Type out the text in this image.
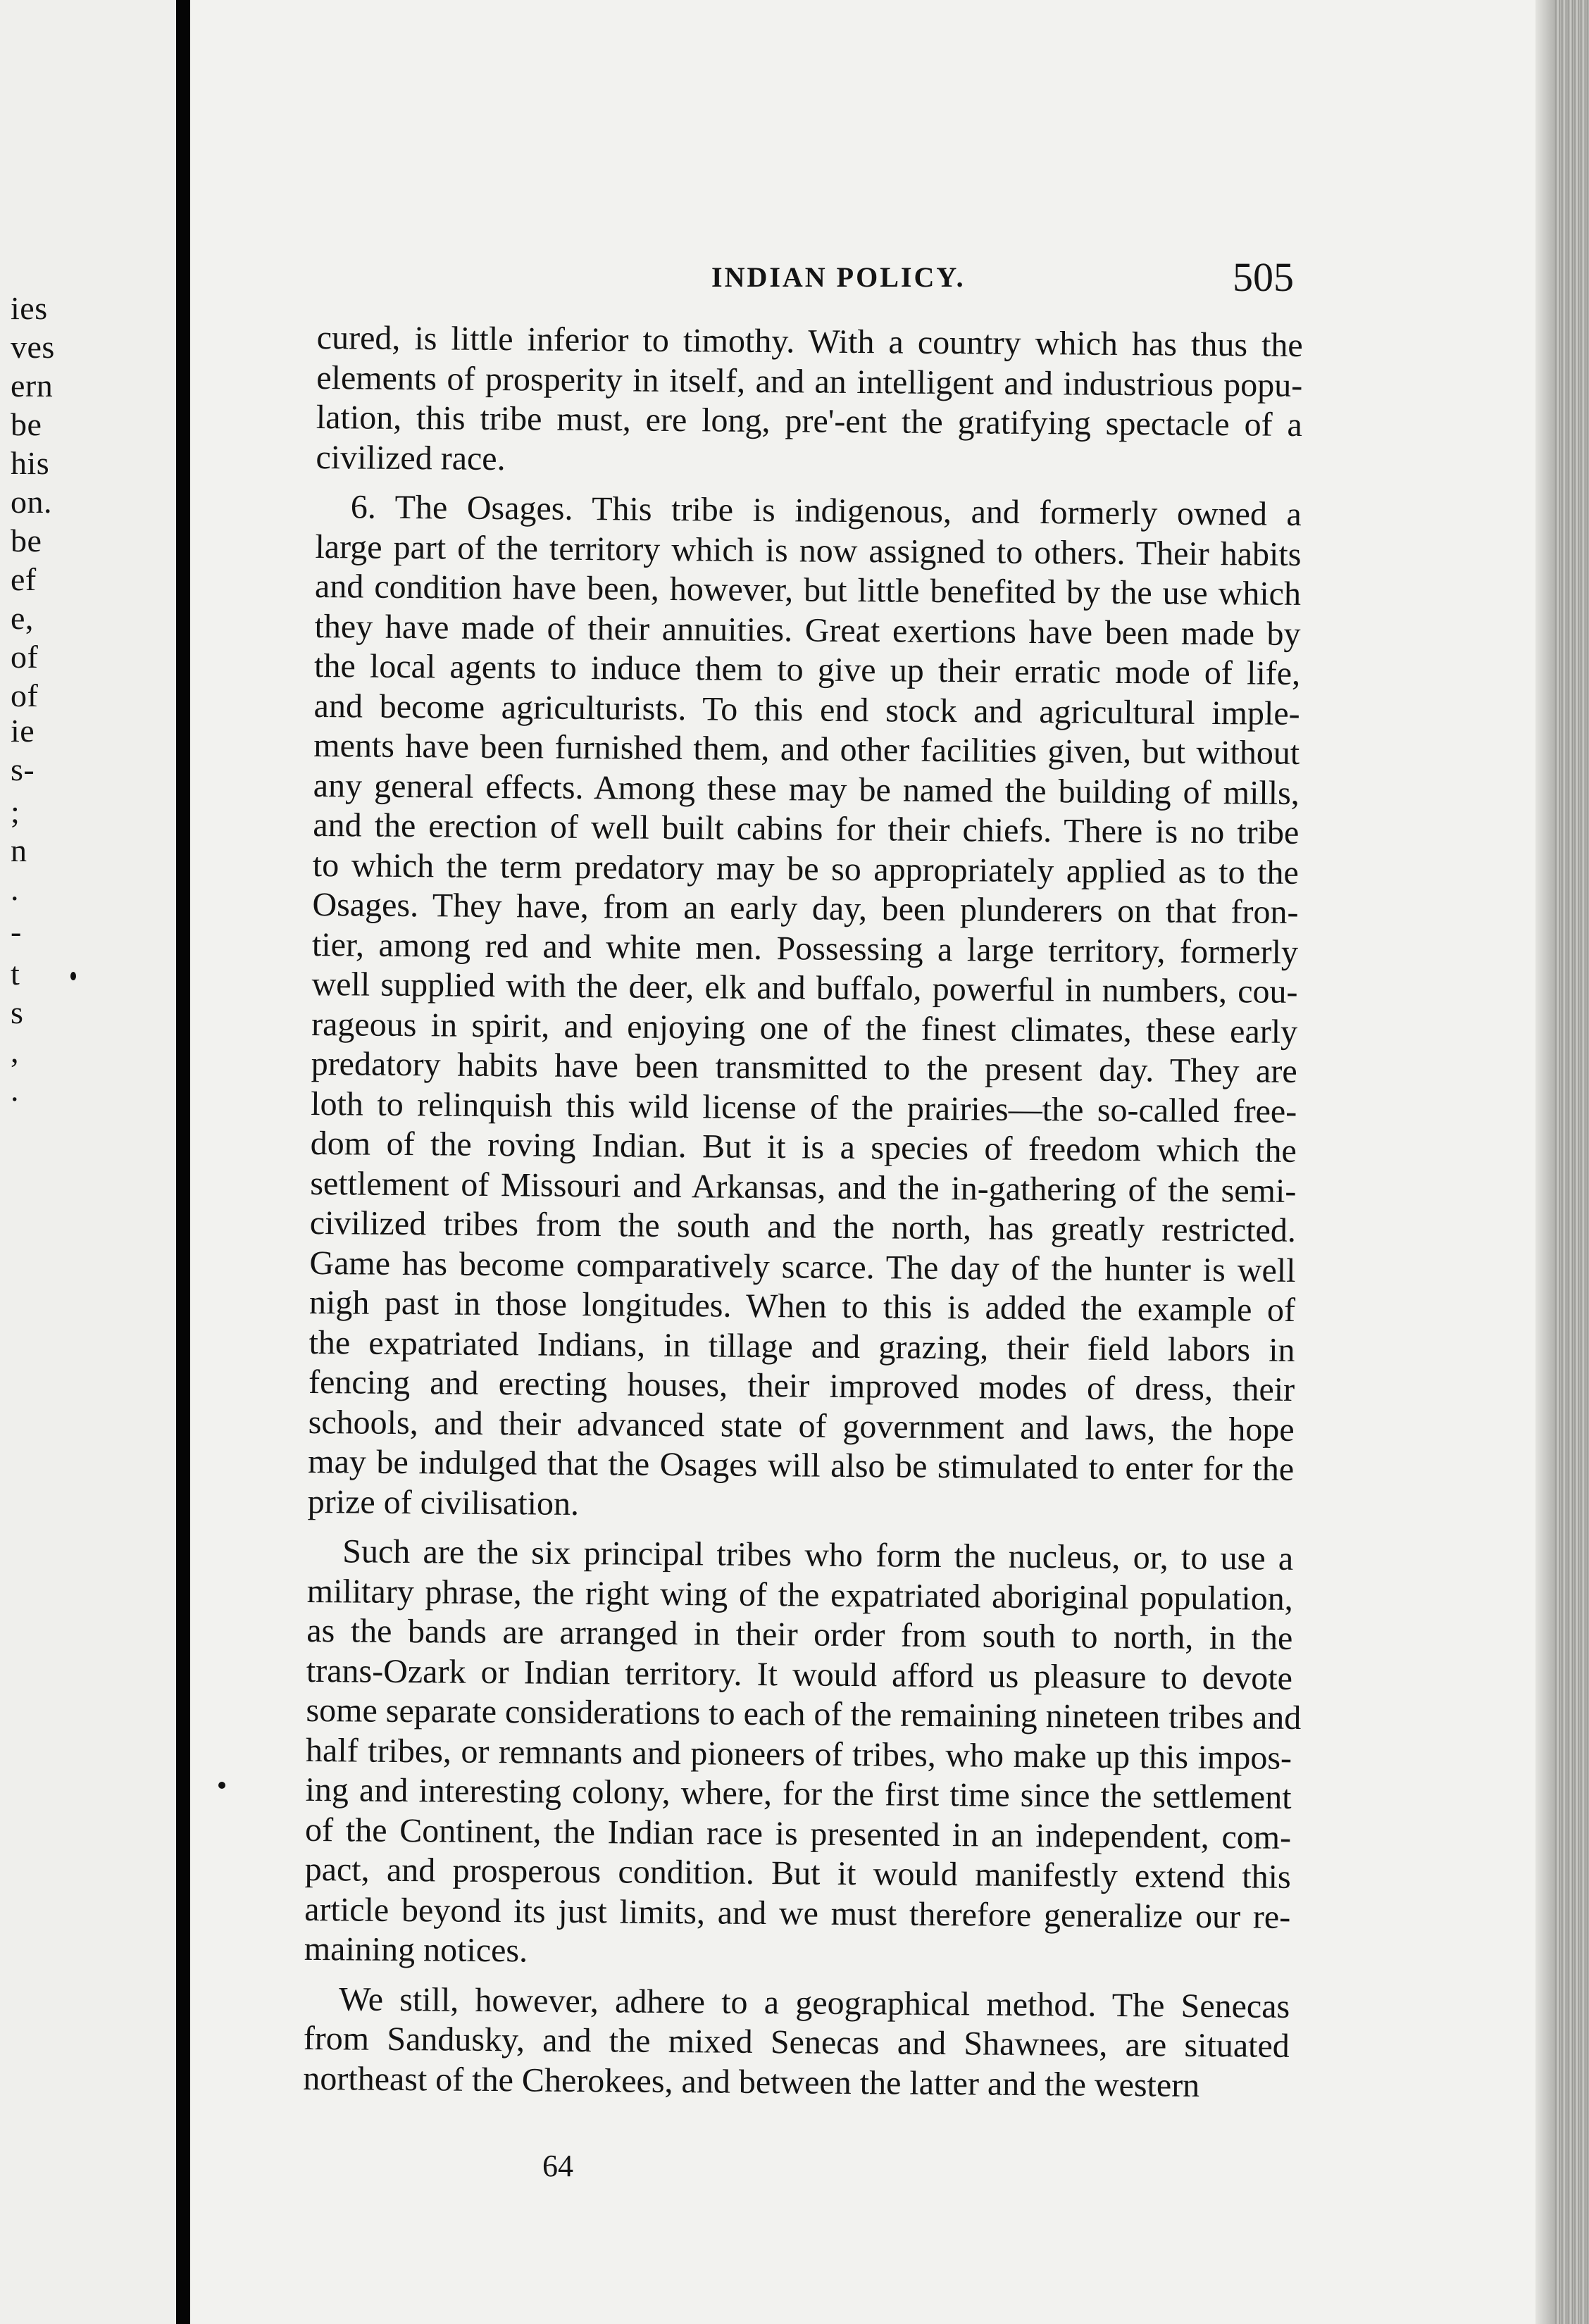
ies
ves
ern
be
his
on.
be
ef
e,
of
of
ie
s-
;
n
.
-
t
s
,
.
INDIAN POLICY.	505

cured, is little inferior to timothy. With a country which has thus the
elements of prosperity in itself, and an intelligent and industrious popu-
lation, this tribe must, ere long, pre'-ent the gratifying spectacle of a
civilized race.

6. The Osages. This tribe is indigenous, and formerly owned a
large part of the territory which is now assigned to others. Their habits
and condition have been, however, but little benefited by the use which
they have made of their annuities. Great exertions have been made by
the local agents to induce them to give up their erratic mode of life,
and become agriculturists. To this end stock and agricultural imple-
ments have been furnished them, and other facilities given, but without
any general effects. Among these may be named the building of mills,
and the erection of well built cabins for their chiefs. There is no tribe
to which the term predatory may be so appropriately applied as to the
Osages. They have, from an early day, been plunderers on that fron-
tier, among red and white men. Possessing a large territory, formerly
well supplied with the deer, elk and buffalo, powerful in numbers, cou-
rageous in spirit, and enjoying one of the finest climates, these early
predatory habits have been transmitted to the present day. They are
loth to relinquish this wild license of the prairies—the so-called free-
dom of the roving Indian. But it is a species of freedom which the
settlement of Missouri and Arkansas, and the in-gathering of the semi-
civilized tribes from the south and the north, has greatly restricted.
Game has become comparatively scarce. The day of the hunter is well
nigh past in those longitudes. When to this is added the example of
the expatriated Indians, in tillage and grazing, their field labors in
fencing and erecting houses, their improved modes of dress, their
schools, and their advanced state of government and laws, the hope
may be indulged that the Osages will also be stimulated to enter for the
prize of civilisation.

Such are the six principal tribes who form the nucleus, or, to use a
military phrase, the right wing of the expatriated aboriginal population,
as the bands are arranged in their order from south to north, in the
trans-Ozark or Indian territory. It would afford us pleasure to devote
some separate considerations to each of the remaining nineteen tribes and
half tribes, or remnants and pioneers of tribes, who make up this impos-
ing and interesting colony, where, for the first time since the settlement
of the Continent, the Indian race is presented in an independent, com-
pact, and prosperous condition. But it would manifestly extend this
article beyond its just limits, and we must therefore generalize our re-
maining notices.

We still, however, adhere to a geographical method. The Senecas
from Sandusky, and the mixed Senecas and Shawnees, are situated
northeast of the Cherokees, and between the latter and the western

64
